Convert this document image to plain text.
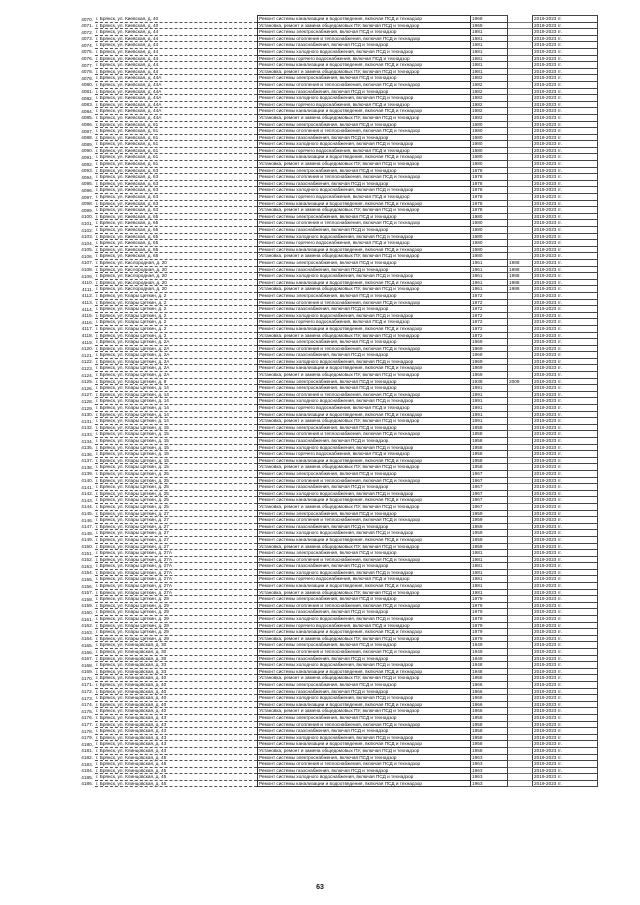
4070.	г. Брянск, ул. Киевская, д. 40	Ремонт системы канализации и водоотведения, включая ПСД и технадзор	1969		2019-2023 гг.
4071.	г. Брянск, ул. Киевская, д. 40	Установка, ремонт и замена общедомовых ПУ, включая ПСД и технадзор	1969		2019-2023 гг.
4072.	г. Брянск, ул. Киевская, д. 44	Ремонт системы электроснабжения, включая ПСД и технадзор	1981		2019-2023 гг.
4073.	г. Брянск, ул. Киевская, д. 44	Ремонт системы отопления и теплоснабжения, включая ПСД и технадзор	1981		2019-2023 гг.
4074.	г. Брянск, ул. Киевская, д. 44	Ремонт системы газоснабжения, включая ПСД и технадзор	1981		2019-2023 гг.
4075.	г. Брянск, ул. Киевская, д. 44	Ремонт системы холодного водоснабжения, включая ПСД и технадзор	1981		2019-2023 гг.
4076.	г. Брянск, ул. Киевская, д. 44	Ремонт системы горячего водоснабжения, включая ПСД и технадзор	1981		2019-2023 гг.
4077.	г. Брянск, ул. Киевская, д. 44	Ремонт системы канализации и водоотведения, включая ПСД и технадзор	1981		2019-2023 гг.
4078.	г. Брянск, ул. Киевская, д. 44	Установка, ремонт и замена общедомовых ПУ, включая ПСД и технадзор	1981		2019-2023 гг.
4079.	г. Брянск, ул. Киевская, д. 44А	Ремонт системы электроснабжения, включая ПСД и технадзор	1982		2019-2023 гг.
4080.	г. Брянск, ул. Киевская, д. 44А	Ремонт системы отопления и теплоснабжения, включая ПСД и технадзор	1982		2019-2023 гг.
4081.	г. Брянск, ул. Киевская, д. 44А	Ремонт системы газоснабжения, включая ПСД и технадзор	1982		2019-2023 гг.
4082.	г. Брянск, ул. Киевская, д. 44А	Ремонт системы холодного водоснабжения, включая ПСД и технадзор	1982		2019-2023 гг.
4083.	г. Брянск, ул. Киевская, д. 44А	Ремонт системы горячего водоснабжения, включая ПСД и технадзор	1982		2019-2023 гг.
4084.	г. Брянск, ул. Киевская, д. 44А	Ремонт системы канализации и водоотведения, включая ПСД и технадзор	1982		2019-2023 гг.
4085.	г. Брянск, ул. Киевская, д. 44А	Установка, ремонт и замена общедомовых ПУ, включая ПСД и технадзор	1982		2019-2023 гг.
4086.	г. Брянск, ул. Киевская, д. 61	Ремонт системы электроснабжения, включая ПСД и технадзор	1980		2019-2023 гг.
4087.	г. Брянск, ул. Киевская, д. 61	Ремонт системы отопления и теплоснабжения, включая ПСД и технадзор	1980		2019-2023 гг.
4088.	г. Брянск, ул. Киевская, д. 61	Ремонт системы газоснабжения, включая ПСД и технадзор	1980		2019-2023 гг.
4089.	г. Брянск, ул. Киевская, д. 61	Ремонт системы холодного водоснабжения, включая ПСД и технадзор	1980		2019-2023 гг.
4090.	г. Брянск, ул. Киевская, д. 61	Ремонт системы горячего водоснабжения, включая ПСД и технадзор	1980		2019-2023 гг.
4091.	г. Брянск, ул. Киевская, д. 61	Ремонт системы канализации и водоотведения, включая ПСД и технадзор	1980		2019-2023 гг.
4092.	г. Брянск, ул. Киевская, д. 61	Установка, ремонт и замена общедомовых ПУ, включая ПСД и технадзор	1980		2019-2023 гг.
4093.	г. Брянск, ул. Киевская, д. 63	Ремонт системы электроснабжения, включая ПСД и технадзор	1978		2019-2023 гг.
4094.	г. Брянск, ул. Киевская, д. 63	Ремонт системы отопления и теплоснабжения, включая ПСД и технадзор	1978		2019-2023 гг.
4095.	г. Брянск, ул. Киевская, д. 63	Ремонт системы газоснабжения, включая ПСД и технадзор	1978		2019-2023 гг.
4096.	г. Брянск, ул. Киевская, д. 63	Ремонт системы холодного водоснабжения, включая ПСД и технадзор	1978		2019-2023 гг.
4097.	г. Брянск, ул. Киевская, д. 63	Ремонт системы горячего водоснабжения, включая ПСД и технадзор	1978		2019-2023 гг.
4098.	г. Брянск, ул. Киевская, д. 63	Ремонт системы канализации и водоотведения, включая ПСД и технадзор	1978		2019-2023 гг.
4099.	г. Брянск, ул. Киевская, д. 63	Установка, ремонт и замена общедомовых ПУ, включая ПСД и технадзор	1978		2019-2023 гг.
4100.	г. Брянск, ул. Киевская, д. 65	Ремонт системы электроснабжения, включая ПСД и технадзор	1980		2019-2023 гг.
4101.	г. Брянск, ул. Киевская, д. 65	Ремонт системы отопления и теплоснабжения, включая ПСД и технадзор	1980		2019-2023 гг.
4102.	г. Брянск, ул. Киевская, д. 65	Ремонт системы газоснабжения, включая ПСД и технадзор	1980		2019-2023 гг.
4103.	г. Брянск, ул. Киевская, д. 65	Ремонт системы холодного водоснабжения, включая ПСД и технадзор	1980		2019-2023 гг.
4104.	г. Брянск, ул. Киевская, д. 65	Ремонт системы горячего водоснабжения, включая ПСД и технадзор	1980		2019-2023 гг.
4105.	г. Брянск, ул. Киевская, д. 65	Ремонт системы канализации и водоотведения, включая ПСД и технадзор	1980		2019-2023 гг.
4106.	г. Брянск, ул. Киевская, д. 65	Установка, ремонт и замена общедомовых ПУ, включая ПСД и технадзор	1980		2019-2023 гг.
4107.	г. Брянск, ул. Кислородная, д. 20	Ремонт системы электроснабжения, включая ПСД и технадзор	1961	1988	2019-2023 гг.
4108.	г. Брянск, ул. Кислородная, д. 20	Ремонт системы газоснабжения, включая ПСД и технадзор	1961	1988	2019-2023 гг.
4109.	г. Брянск, ул. Кислородная, д. 20	Ремонт системы холодного водоснабжения, включая ПСД и технадзор	1961	1988	2019-2023 гг.
4110.	г. Брянск, ул. Кислородная, д. 20	Ремонт системы канализации и водоотведения, включая ПСД и технадзор	1961	1988	2019-2023 гг.
4111.	г. Брянск, ул. Кислородная, д. 20	Установка, ремонт и замена общедомовых ПУ, включая ПСД и технадзор	1961	1988	2019-2023 гг.
4112.	г. Брянск, ул. Клары Цеткин, д. 2	Ремонт системы электроснабжения, включая ПСД и технадзор	1972		2019-2023 гг.
4113.	г. Брянск, ул. Клары Цеткин, д. 2	Ремонт системы отопления и теплоснабжения, включая ПСД и технадзор	1972		2019-2023 гг.
4114.	г. Брянск, ул. Клары Цеткин, д. 2	Ремонт системы газоснабжения, включая ПСД и технадзор	1972		2019-2023 гг.
4115.	г. Брянск, ул. Клары Цеткин, д. 2	Ремонт системы холодного водоснабжения, включая ПСД и технадзор	1972		2019-2023 гг.
4116.	г. Брянск, ул. Клары Цеткин, д. 2	Ремонт системы горячего водоснабжения, включая ПСД и технадзор	1972		2019-2023 гг.
4117.	г. Брянск, ул. Клары Цеткин, д. 2	Ремонт системы канализации и водоотведения, включая ПСД и технадзор	1972		2019-2023 гг.
4118.	г. Брянск, ул. Клары Цеткин, д. 2	Установка, ремонт и замена общедомовых ПУ, включая ПСД и технадзор	1972		2019-2023 гг.
4119.	г. Брянск, ул. Клары Цеткин, д. 2А	Ремонт системы электроснабжения, включая ПСД и технадзор	1969		2019-2023 гг.
4120.	г. Брянск, ул. Клары Цеткин, д. 2А	Ремонт системы отопления и теплоснабжения, включая ПСД и технадзор	1969		2019-2023 гг.
4121.	г. Брянск, ул. Клары Цеткин, д. 2А	Ремонт системы газоснабжения, включая ПСД и технадзор	1969		2019-2023 гг.
4122.	г. Брянск, ул. Клары Цеткин, д. 2А	Ремонт системы холодного водоснабжения, включая ПСД и технадзор	1969		2019-2023 гг.
4123.	г. Брянск, ул. Клары Цеткин, д. 2А	Ремонт системы канализации и водоотведения, включая ПСД и технадзор	1969		2019-2023 гг.
4124.	г. Брянск, ул. Клары Цеткин, д. 2А	Установка, ремонт и замена общедомовых ПУ, включая ПСД и технадзор	1969		2019-2023 гг.
4125.	г. Брянск, ул. Клары Цеткин, д. 8	Ремонт системы электроснабжения, включая ПСД и технадзор	1938	2009	2019-2023 гг.
4126.	г. Брянск, ул. Клары Цеткин, д. 14	Ремонт системы электроснабжения, включая ПСД и технадзор	1991		2019-2023 гг.
4127.	г. Брянск, ул. Клары Цеткин, д. 14	Ремонт системы отопления и теплоснабжения, включая ПСД и технадзор	1991		2019-2023 гг.
4128.	г. Брянск, ул. Клары Цеткин, д. 14	Ремонт системы холодного водоснабжения, включая ПСД и технадзор	1991		2019-2023 гг.
4129.	г. Брянск, ул. Клары Цеткин, д. 14	Ремонт системы горячего водоснабжения, включая ПСД и технадзор	1991		2019-2023 гг.
4130.	г. Брянск, ул. Клары Цеткин, д. 14	Ремонт системы канализации и водоотведения, включая ПСД и технадзор	1991		2019-2023 гг.
4131.	г. Брянск, ул. Клары Цеткин, д. 14	Установка, ремонт и замена общедомовых ПУ, включая ПСД и технадзор	1991		2019-2023 гг.
4132.	г. Брянск, ул. Клары Цеткин, д. 15	Ремонт системы электроснабжения, включая ПСД и технадзор	1958		2019-2023 гг.
4133.	г. Брянск, ул. Клары Цеткин, д. 15	Ремонт системы отопления и теплоснабжения, включая ПСД и технадзор	1958		2019-2023 гг.
4134.	г. Брянск, ул. Клары Цеткин, д. 15	Ремонт системы газоснабжения, включая ПСД и технадзор	1958		2019-2023 гг.
4135.	г. Брянск, ул. Клары Цеткин, д. 15	Ремонт системы холодного водоснабжения, включая ПСД и технадзор	1958		2019-2023 гг.
4136.	г. Брянск, ул. Клары Цеткин, д. 15	Ремонт системы горячего водоснабжения, включая ПСД и технадзор	1958		2019-2023 гг.
4137.	г. Брянск, ул. Клары Цеткин, д. 15	Ремонт системы канализации и водоотведения, включая ПСД и технадзор	1958		2019-2023 гг.
4138.	г. Брянск, ул. Клары Цеткин, д. 15	Установка, ремонт и замена общедомовых ПУ, включая ПСД и технадзор	1958		2019-2023 гг.
4139.	г. Брянск, ул. Клары Цеткин, д. 25	Ремонт системы электроснабжения, включая ПСД и технадзор	1967		2019-2023 гг.
4140.	г. Брянск, ул. Клары Цеткин, д. 25	Ремонт системы отопления и теплоснабжения, включая ПСД и технадзор	1967		2019-2023 гг.
4141.	г. Брянск, ул. Клары Цеткин, д. 25	Ремонт системы газоснабжения, включая ПСД и технадзор	1967		2019-2023 гг.
4142.	г. Брянск, ул. Клары Цеткин, д. 25	Ремонт системы холодного водоснабжения, включая ПСД и технадзор	1967		2019-2023 гг.
4143.	г. Брянск, ул. Клары Цеткин, д. 25	Ремонт системы канализации и водоотведения, включая ПСД и технадзор	1967		2019-2023 гг.
4144.	г. Брянск, ул. Клары Цеткин, д. 25	Установка, ремонт и замена общедомовых ПУ, включая ПСД и технадзор	1967		2019-2023 гг.
4145.	г. Брянск, ул. Клары Цеткин, д. 27	Ремонт системы электроснабжения, включая ПСД и технадзор	1959		2019-2023 гг.
4146.	г. Брянск, ул. Клары Цеткин, д. 27	Ремонт системы отопления и теплоснабжения, включая ПСД и технадзор	1959		2019-2023 гг.
4147.	г. Брянск, ул. Клары Цеткин, д. 27	Ремонт системы газоснабжения, включая ПСД и технадзор	1959		2019-2023 гг.
4148.	г. Брянск, ул. Клары Цеткин, д. 27	Ремонт системы холодного водоснабжения, включая ПСД и технадзор	1959		2019-2023 гг.
4149.	г. Брянск, ул. Клары Цеткин, д. 27	Ремонт системы канализации и водоотведения, включая ПСД и технадзор	1959		2019-2023 гг.
4150.	г. Брянск, ул. Клары Цеткин, д. 27	Установка, ремонт и замена общедомовых ПУ, включая ПСД и технадзор	1959		2019-2023 гг.
4151.	г. Брянск, ул. Клары Цеткин, д. 27А	Ремонт системы электроснабжения, включая ПСД и технадзор	1981		2019-2023 гг.
4152.	г. Брянск, ул. Клары Цеткин, д. 27А	Ремонт системы отопления и теплоснабжения, включая ПСД и технадзор	1981		2019-2023 гг.
4153.	г. Брянск, ул. Клары Цеткин, д. 27А	Ремонт системы газоснабжения, включая ПСД и технадзор	1981		2019-2023 гг.
4154.	г. Брянск, ул. Клары Цеткин, д. 27А	Ремонт системы холодного водоснабжения, включая ПСД и технадзор	1981		2019-2023 гг.
4155.	г. Брянск, ул. Клары Цеткин, д. 27А	Ремонт системы горячего водоснабжения, включая ПСД и технадзор	1981		2019-2023 гг.
4156.	г. Брянск, ул. Клары Цеткин, д. 27А	Ремонт системы канализации и водоотведения, включая ПСД и технадзор	1981		2019-2023 гг.
4157.	г. Брянск, ул. Клары Цеткин, д. 27А	Установка, ремонт и замена общедомовых ПУ, включая ПСД и технадзор	1981		2019-2023 гг.
4158.	г. Брянск, ул. Клары Цеткин, д. 29	Ремонт системы электроснабжения, включая ПСД и технадзор	1979		2019-2023 гг.
4159.	г. Брянск, ул. Клары Цеткин, д. 29	Ремонт системы отопления и теплоснабжения, включая ПСД и технадзор	1979		2019-2023 гг.
4160.	г. Брянск, ул. Клары Цеткин, д. 29	Ремонт системы газоснабжения, включая ПСД и технадзор	1979		2019-2023 гг.
4161.	г. Брянск, ул. Клары Цеткин, д. 29	Ремонт системы холодного водоснабжения, включая ПСД и технадзор	1979		2019-2023 гг.
4162.	г. Брянск, ул. Клары Цеткин, д. 29	Ремонт системы горячего водоснабжения, включая ПСД и технадзор	1979		2019-2023 гг.
4163.	г. Брянск, ул. Клары Цеткин, д. 29	Ремонт системы канализации и водоотведения, включая ПСД и технадзор	1979		2019-2023 гг.
4164.	г. Брянск, ул. Клары Цеткин, д. 29	Установка, ремонт и замена общедомовых ПУ, включая ПСД и технадзор	1979		2019-2023 гг.
4165.	г. Брянск, ул. Клинцовская, д. 30	Ремонт системы электроснабжения, включая ПСД и технадзор	1949		2019-2023 гг.
4166.	г. Брянск, ул. Клинцовская, д. 30	Ремонт системы отопления и теплоснабжения, включая ПСД и технадзор	1949		2019-2023 гг.
4167.	г. Брянск, ул. Клинцовская, д. 30	Ремонт системы газоснабжения, включая ПСД и технадзор	1949		2019-2023 гг.
4168.	г. Брянск, ул. Клинцовская, д. 33	Ремонт системы холодного водоснабжения, включая ПСД и технадзор	1948		2019-2023 гг.
4169.	г. Брянск, ул. Клинцовская, д. 33	Ремонт системы канализации и водоотведения, включая ПСД и технадзор	1948		2019-2023 гг.
4170.	г. Брянск, ул. Клинцовская, д. 40	Установка, ремонт и замена общедомовых ПУ, включая ПСД и технадзор	1966		2019-2023 гг.
4171.	г. Брянск, ул. Клинцовская, д. 40	Ремонт системы электроснабжения, включая ПСД и технадзор	1966		2019-2023 гг.
4172.	г. Брянск, ул. Клинцовская, д. 40	Ремонт системы газоснабжения, включая ПСД и технадзор	1966		2019-2023 гг.
4173.	г. Брянск, ул. Клинцовская, д. 40	Ремонт системы холодного водоснабжения, включая ПСД и технадзор	1966		2019-2023 гг.
4174.	г. Брянск, ул. Клинцовская, д. 40	Ремонт системы канализации и водоотведения, включая ПСД и технадзор	1966		2019-2023 гг.
4175.	г. Брянск, ул. Клинцовская, д. 40	Установка, ремонт и замена общедомовых ПУ, включая ПСД и технадзор	1966		2019-2023 гг.
4176.	г. Брянск, ул. Клинцовская, д. 43	Ремонт системы электроснабжения, включая ПСД и технадзор	1958		2019-2023 гг.
4177.	г. Брянск, ул. Клинцовская, д. 43	Ремонт системы отопления и теплоснабжения, включая ПСД и технадзор	1958		2019-2023 гг.
4178.	г. Брянск, ул. Клинцовская, д. 43	Ремонт системы газоснабжения, включая ПСД и технадзор	1958		2019-2023 гг.
4179.	г. Брянск, ул. Клинцовская, д. 43	Ремонт системы холодного водоснабжения, включая ПСД и технадзор	1958		2019-2023 гг.
4180.	г. Брянск, ул. Клинцовская, д. 43	Ремонт системы канализации и водоотведения, включая ПСД и технадзор	1958		2019-2023 гг.
4181.	г. Брянск, ул. Клинцовская, д. 43	Установка, ремонт и замена общедомовых ПУ, включая ПСД и технадзор	1958		2019-2023 гг.
4182.	г. Брянск, ул. Клинцовская, д. 45	Ремонт системы электроснабжения, включая ПСД и технадзор	1963		2019-2023 гг.
4183.	г. Брянск, ул. Клинцовская, д. 45	Ремонт системы отопления и теплоснабжения, включая ПСД и технадзор	1963		2019-2023 гг.
4184.	г. Брянск, ул. Клинцовская, д. 45	Ремонт системы газоснабжения, включая ПСД и технадзор	1963		2019-2023 гг.
4185.	г. Брянск, ул. Клинцовская, д. 45	Ремонт системы холодного водоснабжения, включая ПСД и технадзор	1963		2019-2023 гг.
4186.	г. Брянск, ул. Клинцовская, д. 45	Ремонт системы канализации и водоотведения, включая ПСД и технадзор	1963		2019-2023 гг.
63
